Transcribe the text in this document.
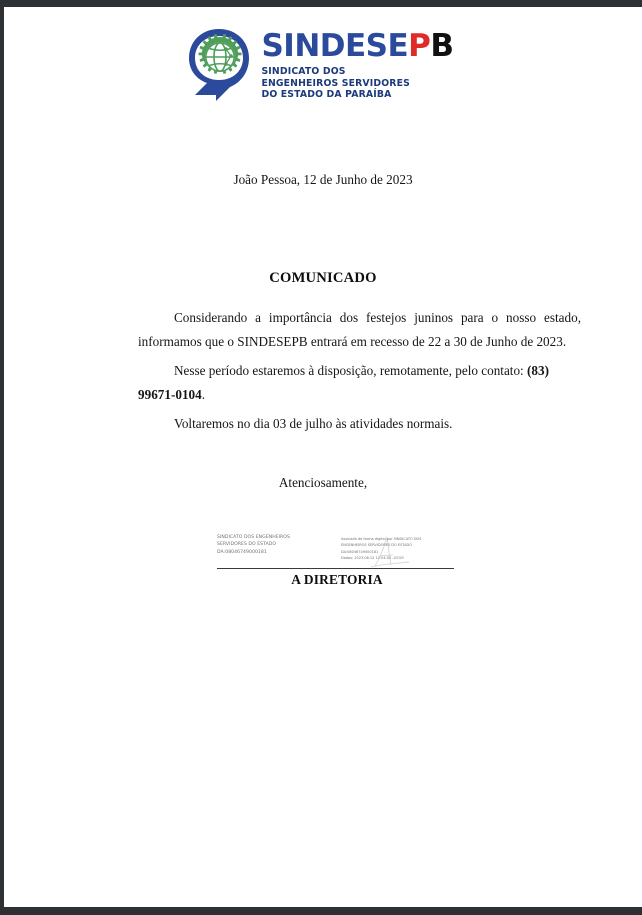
SINDESEPB
SINDICATO DOS
ENGENHEIROS SERVIDORES
DO ESTADO DA PARAÍBA
·
João Pessoa, 12 de Junho de 2023
COMUNICADO

Considerando a importância dos festejos juninos para o nosso estado, informamos que o SINDESEPB entrará em recesso de 22 a 30 de Junho de 2023.

Nesse período estaremos à disposição, remotamente, pelo contato: (83) 99671-0104.

Voltaremos no dia 03 de julho às atividades normais.

Atenciosamente,
SINDICATO DOS ENGENHEIROS
SERVIDORES DO ESTADO
DA:08046749000181
Assinado de forma digital por SINDICATO DOS
ENGENHEIROS SERVIDORES DO ESTADO
DA:08046749000181
Dados: 2023.06.12 11:04:02 -03'00'
A DIRETORIA
